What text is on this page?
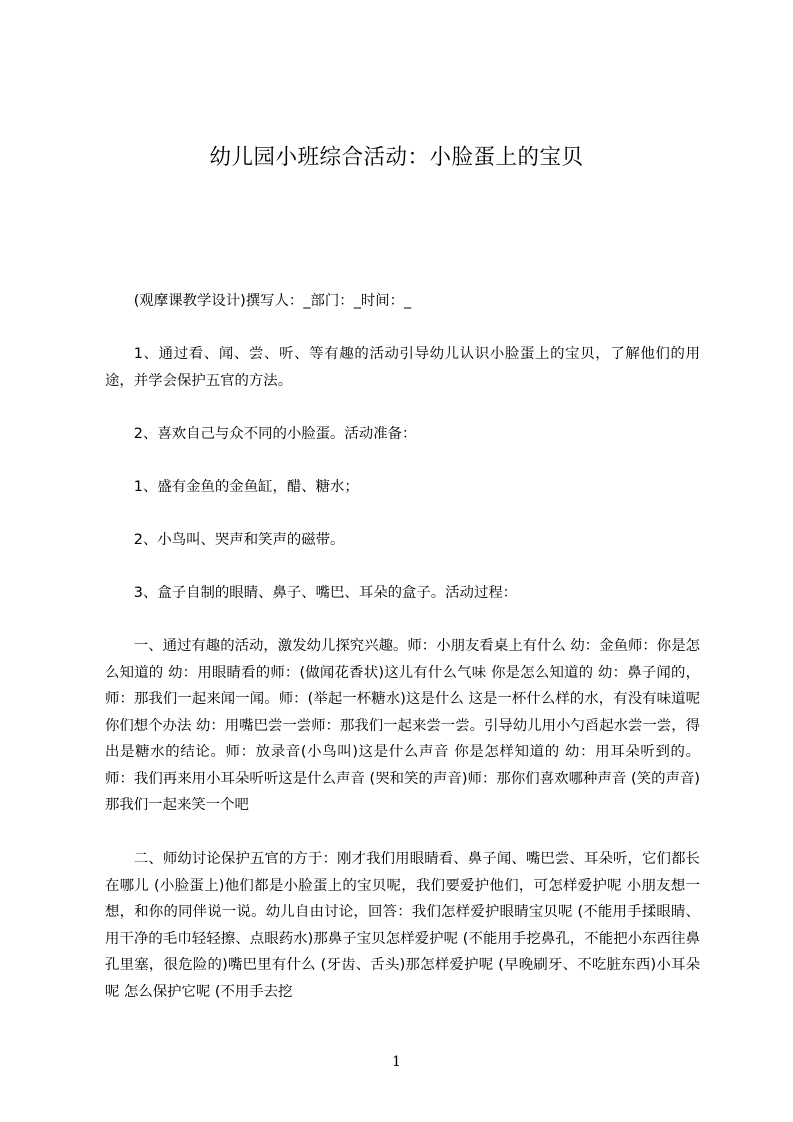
幼儿园小班综合活动：小脸蛋上的宝贝

(观摩课教学设计)撰写人：_部门：_时间：_

1、通过看、闻、尝、听、等有趣的活动引导幼儿认识小脸蛋上的宝贝，了解他们的用途，并学会保护五官的方法。

2、喜欢自己与众不同的小脸蛋。活动准备：

1、盛有金鱼的金鱼缸，醋、糖水；

2、小鸟叫、哭声和笑声的磁带。

3、盒子自制的眼睛、鼻子、嘴巴、耳朵的盒子。活动过程：

一、通过有趣的活动，激发幼儿探究兴趣。师：小朋友看桌上有什么 幼：金鱼师：你是怎么知道的 幼：用眼睛看的师：(做闻花香状)这儿有什么气味 你是怎么知道的 幼：鼻子闻的，师：那我们一起来闻一闻。师：(举起一杯糖水)这是什么 这是一杯什么样的水，有没有味道呢 你们想个办法 幼：用嘴巴尝一尝师：那我们一起来尝一尝。引导幼儿用小勺舀起水尝一尝，得出是糖水的结论。师：放录音(小鸟叫)这是什么声音 你是怎样知道的 幼：用耳朵听到的。师：我们再来用小耳朵听听这是什么声音 (哭和笑的声音)师：那你们喜欢哪种声音 (笑的声音)那我们一起来笑一个吧

二、师幼讨论保护五官的方于：刚才我们用眼睛看、鼻子闻、嘴巴尝、耳朵听，它们都长在哪儿 (小脸蛋上)他们都是小脸蛋上的宝贝呢，我们要爱护他们，可怎样爱护呢 小朋友想一想，和你的同伴说一说。幼儿自由讨论，回答：我们怎样爱护眼睛宝贝呢 (不能用手揉眼睛、用干净的毛巾轻轻擦、点眼药水)那鼻子宝贝怎样爱护呢 (不能用手挖鼻孔，不能把小东西往鼻孔里塞，很危险的)嘴巴里有什么 (牙齿、舌头)那怎样爱护呢 (早晚刷牙、不吃脏东西)小耳朵呢 怎么保护它呢 (不用手去挖

1
